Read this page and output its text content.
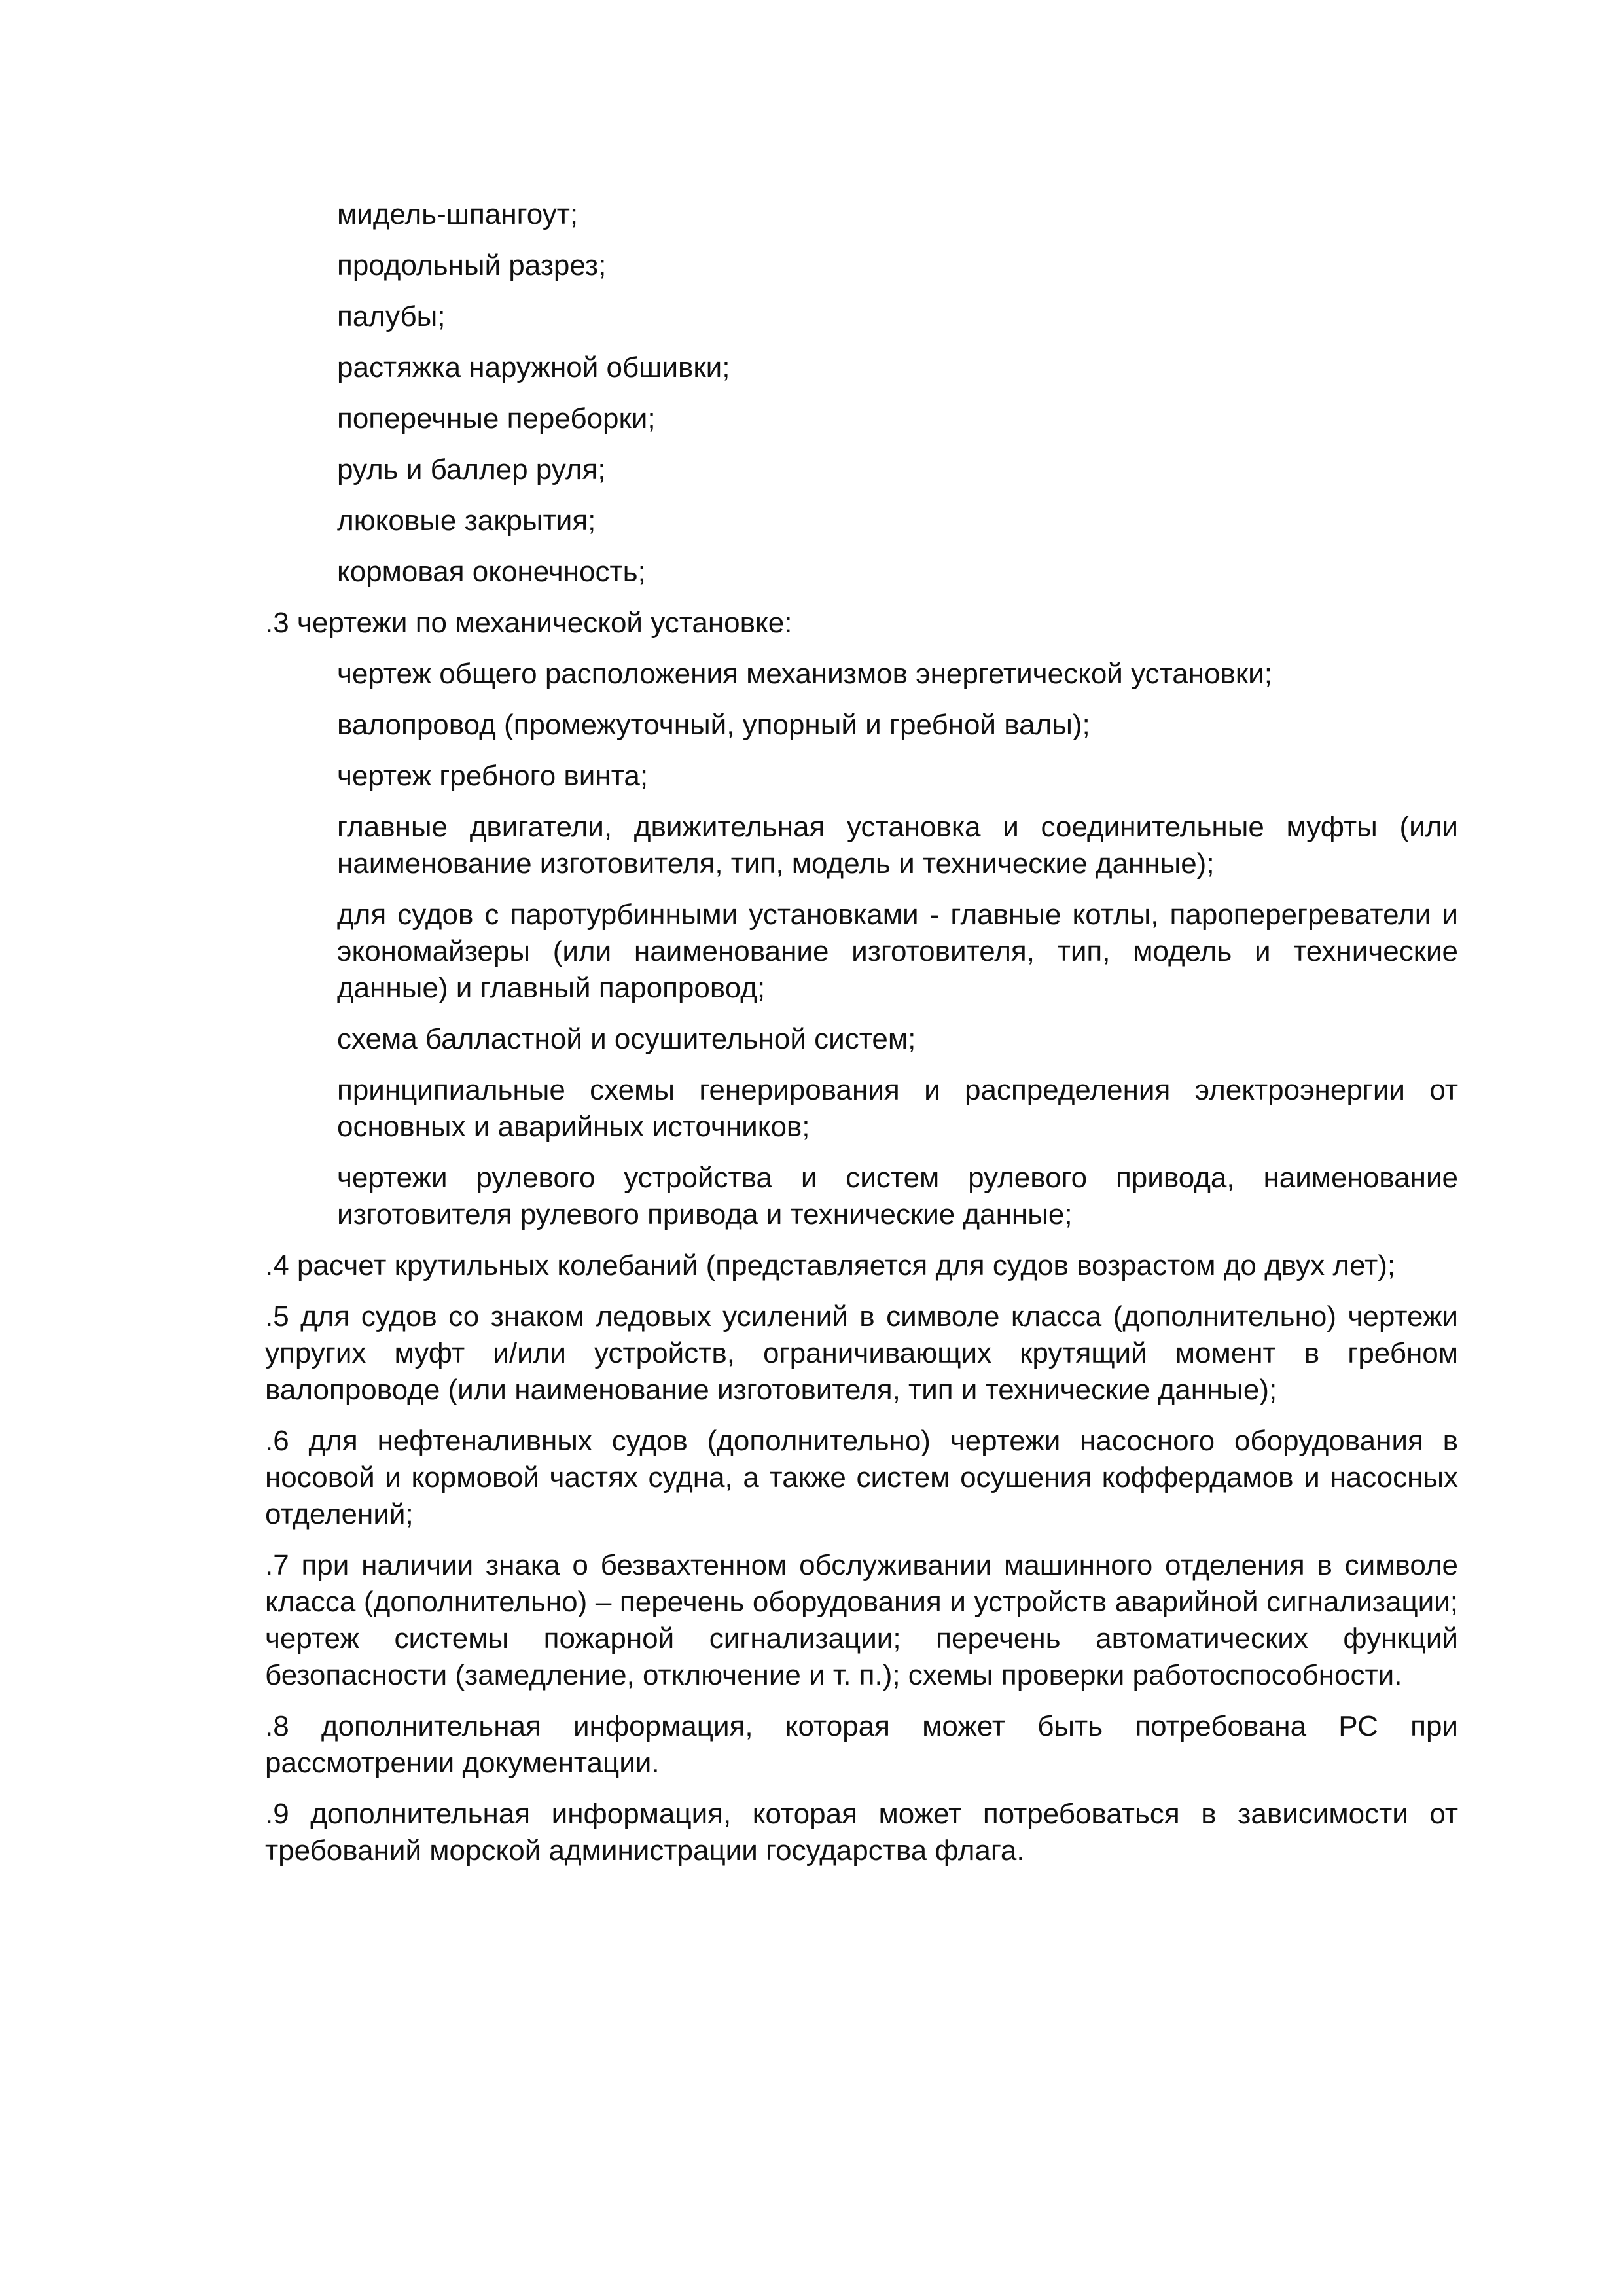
мидель-шпангоут;

продольный разрез;

палубы;

растяжка наружной обшивки;

поперечные переборки;

руль и баллер руля;

люковые закрытия;

кормовая оконечность;

.3 чертежи по механической установке:

чертеж общего расположения механизмов энергетической установки;

валопровод (промежуточный, упорный и гребной валы);

чертеж гребного винта;

главные двигатели, движительная установка и соединительные муфты (или наименование изготовителя, тип, модель и технические данные);

для судов с паротурбинными установками - главные котлы, пароперегреватели и экономайзеры (или наименование изготовителя, тип, модель и технические данные) и главный паропровод;

схема балластной и осушительной систем;

принципиальные схемы генерирования и распределения электроэнергии от основных и аварийных источников;

чертежи рулевого устройства и систем рулевого привода, наименование изготовителя рулевого привода и технические данные;

.4 расчет крутильных колебаний (представляется для судов возрастом до двух лет);

.5 для судов со знаком ледовых усилений в символе класса (дополнительно) чертежи упругих муфт и/или устройств, ограничивающих крутящий момент в гребном валопроводе (или наименование изготовителя, тип и технические данные);

.6 для нефтеналивных судов (дополнительно) чертежи насосного оборудования в носовой и кормовой частях судна, а также систем осушения коффердамов и насосных отделений;

.7 при наличии знака о безвахтенном обслуживании машинного отделения в символе класса (дополнительно) – перечень оборудования и устройств аварийной сигнализации; чертеж системы пожарной сигнализации; перечень автоматических функций безопасности (замедление, отключение и т. п.); схемы проверки работоспособности.

.8 дополнительная информация, которая может быть потребована РС при рассмотрении документации.

.9 дополнительная информация, которая может потребоваться в зависимости от требований морской администрации государства флага.
